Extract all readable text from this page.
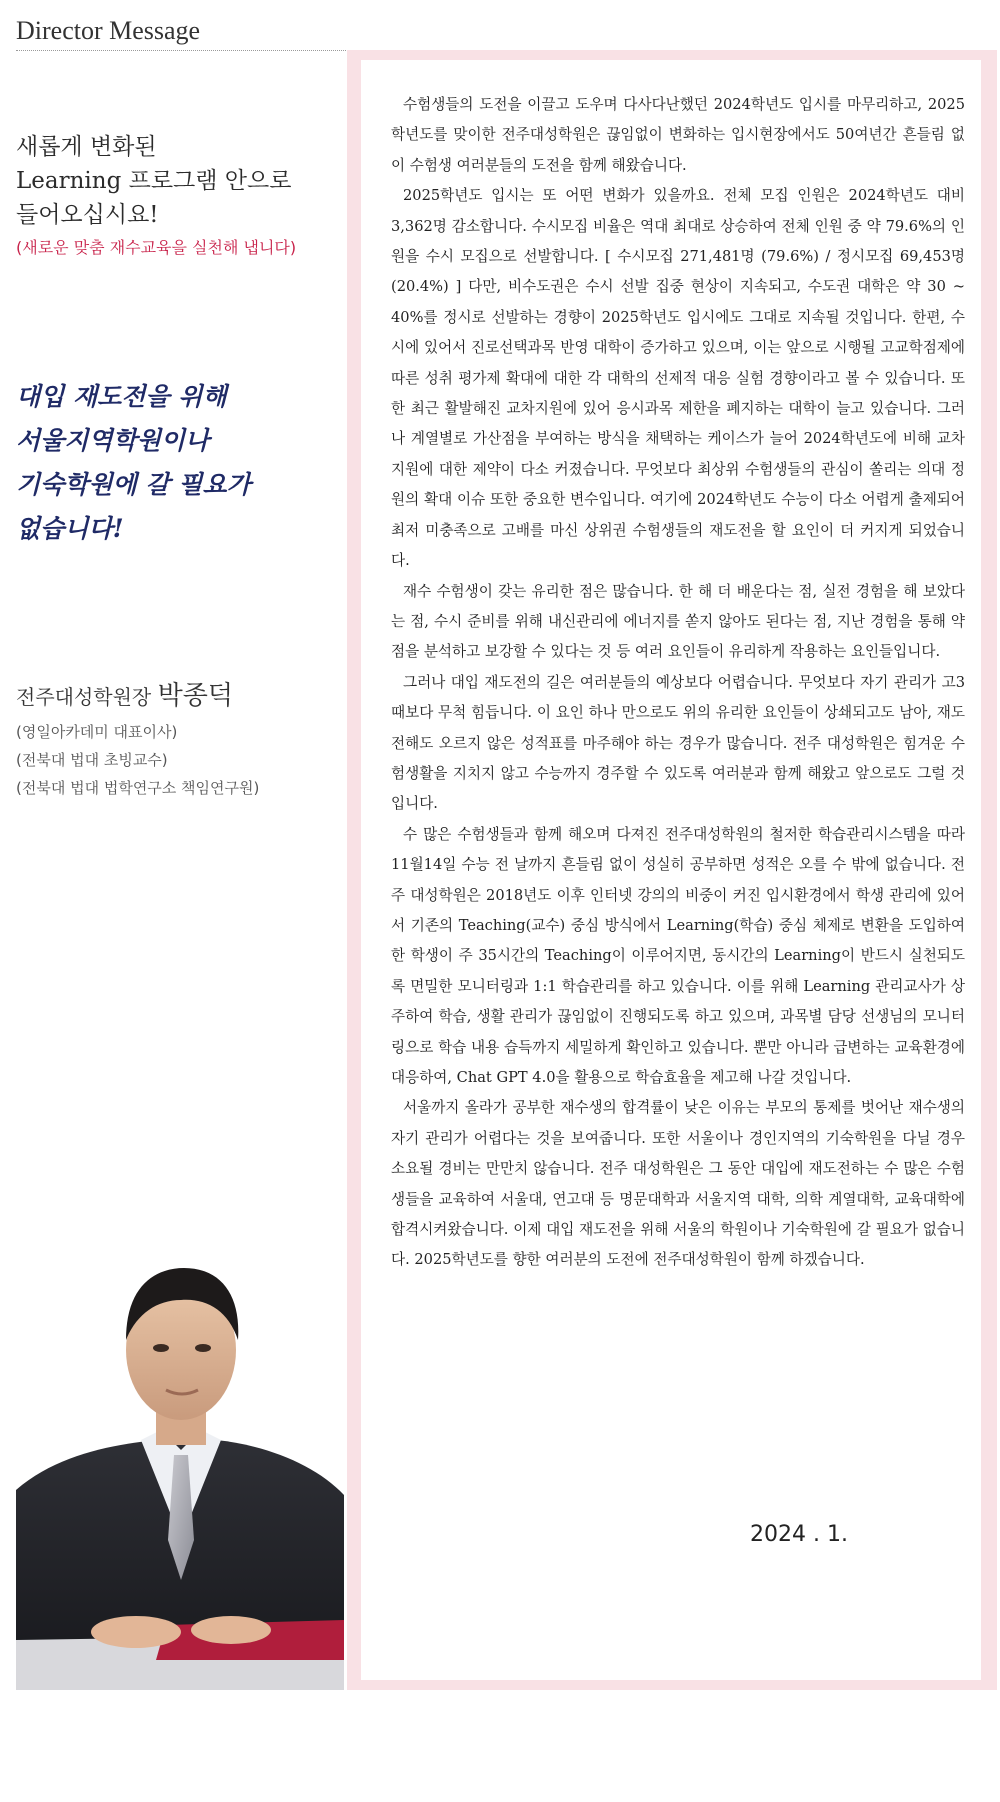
Director Message
새롭게 변화된
Learning 프로그램 안으로
들어오십시요!
(새로운 맞춤 재수교육을 실천해 냅니다)
대입 재도전을 위해
서울지역학원이나
기숙학원에 갈 필요가
없습니다!
전주대성학원장 박종덕
(영일아카데미 대표이사)
(전북대 법대 초빙교수)
(전북대 법대 법학연구소 책임연구원)

수험생들의 도전을 이끌고 도우며 다사다난했던 2024학년도 입시를 마무리하고, 2025학년도를 맞이한 전주대성학원은 끊임없이 변화하는 입시현장에서도 50여년간 흔들림 없이 수험생 여러분들의 도전을 함께 해왔습니다.

2025학년도 입시는 또 어떤 변화가 있을까요. 전체 모집 인원은 2024학년도 대비 3,362명 감소합니다. 수시모집 비율은 역대 최대로 상승하여 전체 인원 중 약 79.6%의 인원을 수시 모집으로 선발합니다. [ 수시모집 271,481명 (79.6%) / 정시모집 69,453명 (20.4%) ] 다만, 비수도권은 수시 선발 집중 현상이 지속되고, 수도권 대학은 약 30 ~ 40%를 정시로 선발하는 경향이 2025학년도 입시에도 그대로 지속될 것입니다. 한편, 수시에 있어서 진로선택과목 반영 대학이 증가하고 있으며, 이는 앞으로 시행될 고교학점제에 따른 성취 평가제 확대에 대한 각 대학의 선제적 대응 실험 경향이라고 볼 수 있습니다. 또한 최근 활발해진 교차지원에 있어 응시과목 제한을 폐지하는 대학이 늘고 있습니다. 그러나 계열별로 가산점을 부여하는 방식을 채택하는 케이스가 늘어 2024학년도에 비해 교차지원에 대한 제약이 다소 커졌습니다. 무엇보다 최상위 수험생들의 관심이 쏠리는 의대 정원의 확대 이슈 또한 중요한 변수입니다. 여기에 2024학년도 수능이 다소 어렵게 출제되어 최저 미충족으로 고배를 마신 상위권 수험생들의 재도전을 할 요인이 더 커지게 되었습니다.

재수 수험생이 갖는 유리한 점은 많습니다. 한 해 더 배운다는 점, 실전 경험을 해 보았다는 점, 수시 준비를 위해 내신관리에 에너지를 쏟지 않아도 된다는 점, 지난 경험을 통해 약점을 분석하고 보강할 수 있다는 것 등 여러 요인들이 유리하게 작용하는 요인들입니다.

그러나 대입 재도전의 길은 여러분들의 예상보다 어렵습니다. 무엇보다 자기 관리가 고3 때보다 무척 힘듭니다. 이 요인 하나 만으로도 위의 유리한 요인들이 상쇄되고도 남아, 재도전해도 오르지 않은 성적표를 마주해야 하는 경우가 많습니다. 전주 대성학원은 힘겨운 수험생활을 지치지 않고 수능까지 경주할 수 있도록 여러분과 함께 해왔고 앞으로도 그럴 것입니다.

수 많은 수험생들과 함께 해오며 다져진 전주대성학원의 철저한 학습관리시스템을 따라 11월14일 수능 전 날까지 흔들림 없이 성실히 공부하면 성적은 오를 수 밖에 없습니다. 전주 대성학원은 2018년도 이후 인터넷 강의의 비중이 커진 입시환경에서 학생 관리에 있어서 기존의 Teaching(교수) 중심 방식에서 Learning(학습) 중심 체제로 변환을 도입하여 한 학생이 주 35시간의 Teaching이 이루어지면, 동시간의 Learning이 반드시 실천되도록 면밀한 모니터링과 1:1 학습관리를 하고 있습니다. 이를 위해 Learning 관리교사가 상주하여 학습, 생활 관리가 끊임없이 진행되도록 하고 있으며, 과목별 담당 선생님의 모니터링으로 학습 내용 습득까지 세밀하게 확인하고 있습니다. 뿐만 아니라 급변하는 교육환경에 대응하여, Chat GPT 4.0을 활용으로 학습효율을 제고해 나갈 것입니다.

서울까지 올라가 공부한 재수생의 합격률이 낮은 이유는 부모의 통제를 벗어난 재수생의 자기 관리가 어렵다는 것을 보여줍니다. 또한 서울이나 경인지역의 기숙학원을 다닐 경우 소요될 경비는 만만치 않습니다. 전주 대성학원은 그 동안 대입에 재도전하는 수 많은 수험생들을 교육하여 서울대, 연고대 등 명문대학과 서울지역 대학, 의학 계열대학, 교육대학에 합격시켜왔습니다. 이제 대입 재도전을 위해 서울의 학원이나 기숙학원에 갈 필요가 없습니다. 2025학년도를 향한 여러분의 도전에 전주대성학원이 함께 하겠습니다.

2024 . 1.
